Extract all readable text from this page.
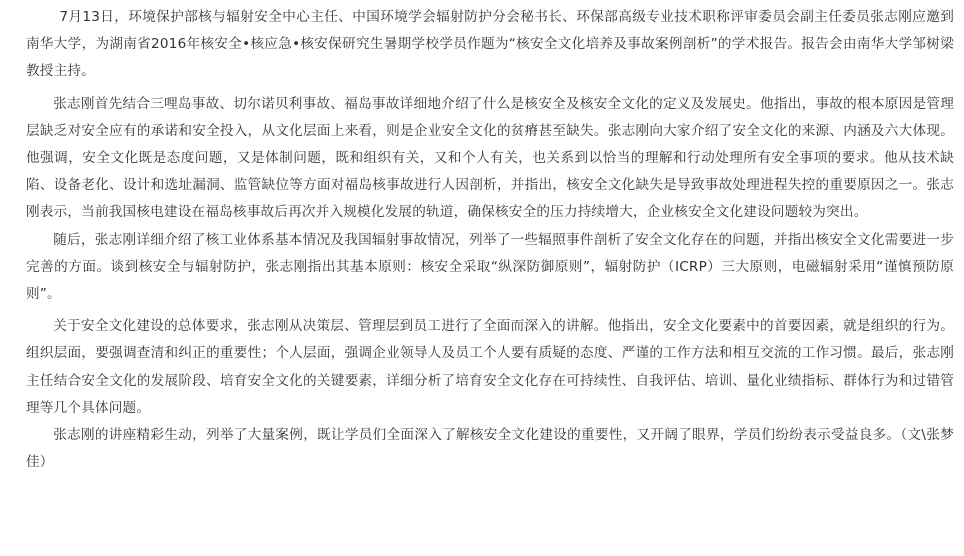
7月13日，环境保护部核与辐射安全中心主任、中国环境学会辐射防护分会秘书长、环保部高级专业技术职称评审委员会副主任委员张志刚应邀到南华大学，为湖南省2016年核安全•核应急•核安保研究生暑期学校学员作题为“核安全文化培养及事故案例剖析”的学术报告。报告会由南华大学邹树梁教授主持。

张志刚首先结合三哩岛事故、切尔诺贝利事故、福岛事故详细地介绍了什么是核安全及核安全文化的定义及发展史。他指出，事故的根本原因是管理层缺乏对安全应有的承诺和安全投入，从文化层面上来看，则是企业安全文化的贫瘠甚至缺失。张志刚向大家介绍了安全文化的来源、内涵及六大体现。他强调，安全文化既是态度问题，又是体制问题，既和组织有关，又和个人有关，也关系到以恰当的理解和行动处理所有安全事项的要求。他从技术缺陷、设备老化、设计和选址漏洞、监管缺位等方面对福岛核事故进行人因剖析，并指出，核安全文化缺失是导致事故处理进程失控的重要原因之一。张志刚表示，当前我国核电建设在福岛核事故后再次并入规模化发展的轨道，确保核安全的压力持续增大，企业核安全文化建设问题较为突出。

随后，张志刚详细介绍了核工业体系基本情况及我国辐射事故情况，列举了一些辐照事件剖析了安全文化存在的问题，并指出核安全文化需要进一步完善的方面。谈到核安全与辐射防护，张志刚指出其基本原则：核安全采取“纵深防御原则”，辐射防护（ICRP）三大原则，电磁辐射采用“谨慎预防原则”。

关于安全文化建设的总体要求，张志刚从决策层、管理层到员工进行了全面而深入的讲解。他指出，安全文化要素中的首要因素，就是组织的行为。组织层面，要强调查清和纠正的重要性；个人层面，强调企业领导人及员工个人要有质疑的态度、严谨的工作方法和相互交流的工作习惯。最后，张志刚主任结合安全文化的发展阶段、培育安全文化的关键要素，详细分析了培育安全文化存在可持续性、自我评估、培训、量化业绩指标、群体行为和过错管理等几个具体问题。

张志刚的讲座精彩生动，列举了大量案例，既让学员们全面深入了解核安全文化建设的重要性，又开阔了眼界，学员们纷纷表示受益良多。（文\张梦佳）
